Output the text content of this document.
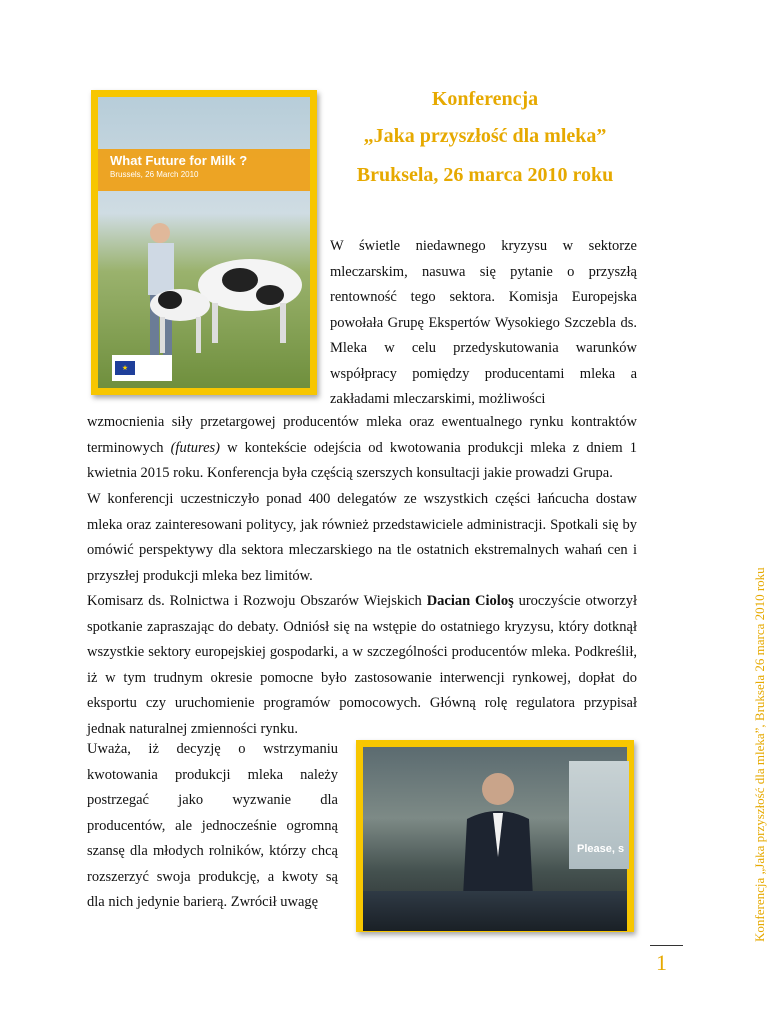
What Future for Milk ?
Brussels, 26 March 2010
★
Konferencja
„Jaka przyszłość dla mleka”
Bruksela, 26 marca 2010 roku

W świetle niedawnego kryzysu w sektorze mleczarskim, nasuwa się pytanie o przyszłą rentowność tego sektora. Komisja Europejska powołała Grupę Ekspertów Wysokiego Szczebla ds. Mleka w celu przedyskutowania warunków współpracy pomiędzy producentami mleka a zakładami mleczarskimi, możliwości

wzmocnienia siły przetargowej producentów mleka oraz ewentualnego rynku kontraktów terminowych (futures) w kontekście odejścia od kwotowania produkcji mleka z dniem 1 kwietnia 2015 roku. Konferencja była częścią szerszych konsultacji jakie prowadzi Grupa.

W konferencji uczestniczyło ponad 400 delegatów ze wszystkich części łańcucha dostaw mleka oraz zainteresowani politycy, jak również przedstawiciele administracji. Spotkali się by omówić perspektywy dla sektora mleczarskiego na tle ostatnich ekstremalnych wahań cen i przyszłej produkcji mleka bez limitów.

Komisarz ds. Rolnictwa i Rozwoju Obszarów Wiejskich Dacian Cioloş uroczyście otworzył spotkanie zapraszając do debaty. Odniósł się na wstępie do ostatniego kryzysu, który dotknął wszystkie sektory europejskiej gospodarki, a w szczególności producentów mleka. Podkreślił, iż w tym trudnym okresie pomocne było zastosowanie interwencji rynkowej, dopłat do eksportu czy uruchomienie programów pomocowych. Główną rolę regulatora przypisał jednak naturalnej zmienności rynku.

Uważa, iż decyzję o wstrzymaniu
kwotowania produkcji mleka należy
postrzegać jako wyzwanie dla
producentów, ale jednocześnie ogromną
szansę dla młodych rolników, którzy chcą
rozszerzyć swoja produkcję, a kwoty są
dla nich jedynie barierą. Zwrócił uwagę

Please, s	Konferencja „Jaka przyszłość dla mleka”, Bruksela 26 marca 2010 roku
1
